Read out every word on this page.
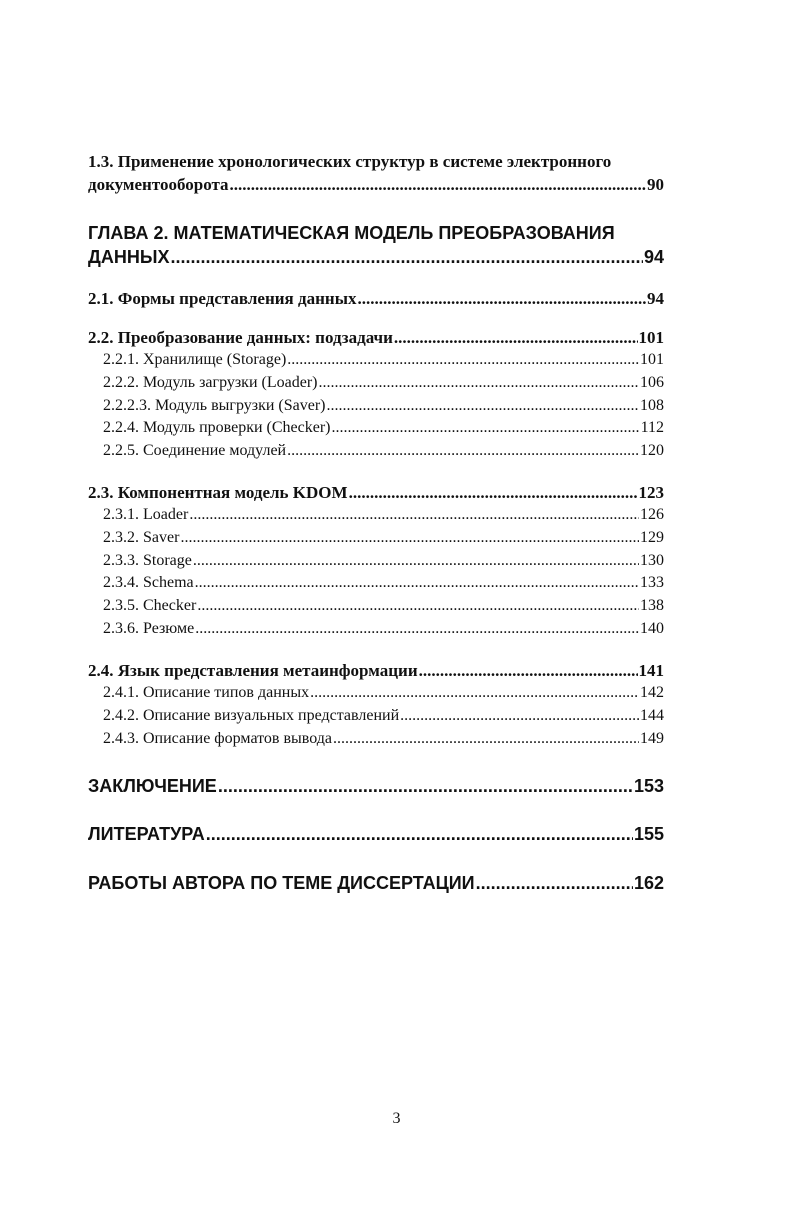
1.3. Применение хронологических структур в системе электронного
документооборота .....	90
ГЛАВА 2. МАТЕМАТИЧЕСКАЯ МОДЕЛЬ ПРЕОБРАЗОВАНИЯ
ДАННЫХ .....	94
2.1. Формы представления данных .....	94
2.2. Преобразование данных: подзадачи .....	101
2.2.1. Хранилище (Storage) .....	101
2.2.2. Модуль загрузки (Loader) .....	106
2.2.2.3. Модуль выгрузки (Saver) .....	108
2.2.4. Модуль проверки (Checker) .....	112
2.2.5. Соединение модулей .....	120
2.3. Компонентная модель KDOM .....	123
2.3.1. Loader .....	126
2.3.2. Saver .....	129
2.3.3. Storage .....	130
2.3.4. Schema .....	133
2.3.5. Checker .....	138
2.3.6. Резюме .....	140
2.4. Язык представления метаинформации .....	141
2.4.1. Описание типов данных .....	142
2.4.2. Описание визуальных представлений .....	144
2.4.3. Описание форматов вывода .....	149
ЗАКЛЮЧЕНИЕ .....	153
ЛИТЕРАТУРА .....	155
РАБОТЫ АВТОРА ПО ТЕМЕ ДИССЕРТАЦИИ .....	162
3
